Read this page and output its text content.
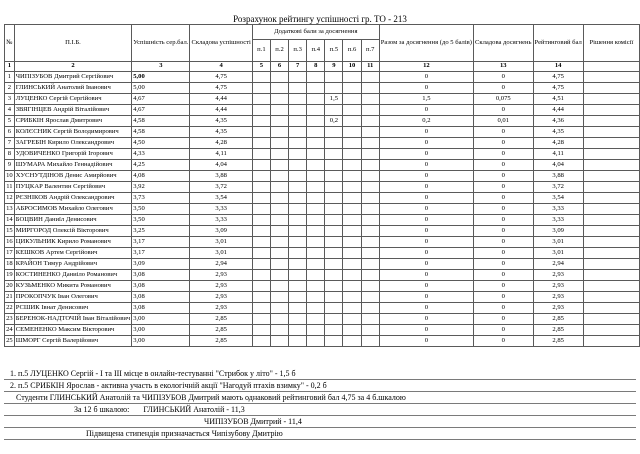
Розрахунок рейтингу успішності гр. ТО - 213
№	П.І.Б.	Успішність сер.бал.	Складова успішності	Додаткові бали за досягнення							Разом за досягнення (до 5 балів)	Складова досягнень	Рейтинговий бал	Рішення комісії
				п.1	п.2	п.3	п.4	п.5	п.6	п.7				
1	2	3	4	5	6	7	8	9	10	11	12	13	14	
1	ЧИПІЗУБОВ Дмитрий Сергійович	5,00	4,75								0	0	4,75	
2	ГЛИНСЬКИЙ Анатолий Іванович	5,00	4,75								0	0	4,75	
3	ЛУЦЕНКО Сергій Сергійович	4,67	4,44					1,5			1,5	0,075	4,51	
4	ЗВЯГІНЦЕВ Андрій Віталійович	4,67	4,44								0	0	4,44	
5	СРИБКІН Ярослав Дмитрович	4,58	4,35					0,2			0,2	0,01	4,36	
6	КОЛЄСНИК Сергій Володимирович	4,58	4,35								0	0	4,35	
7	ЗАГРЕБІН Кирило Олександрович	4,50	4,28								0	0	4,28	
8	УДОВИЧЕНКО Григорій Ігорович	4,33	4,11								0	0	4,11	
9	ШУМАРА Михайло Геннадійович	4,25	4,04								0	0	4,04	
10	ХУСНУТДІНОВ Денис Амирйович	4,08	3,88								0	0	3,88	
11	ПУЦКАР Валентин Сергійович	3,92	3,72								0	0	3,72	
12	РЄЗНІКОВ Андрій Олександрович	3,73	3,54								0	0	3,54	
13	АБРОСИМОВ Михайло Олегович	3,50	3,33								0	0	3,33	
14	БОЦВИН Даниїл Денисович	3,50	3,33								0	0	3,33	
15	МИРГОРОД Олексій Вікторович	3,25	3,09								0	0	3,09	
16	ЦИКУЛЬНИК Кирило Романович	3,17	3,01								0	0	3,01	
17	КЕШКОВ Артем Сергійович	3,17	3,01								0	0	3,01	
18	КРАЙОН Тимур Андрійович	3,09	2,94								0	0	2,94	
19	КОСТИНЕНКО Даниіло Романович	3,08	2,93								0	0	2,93	
20	КУЗЬМЕНКО Микита Романович	3,08	2,93								0	0	2,93	
21	ПРОКОПЧУК Іван Олегович	3,08	2,93								0	0	2,93	
22	РСШИК Івнат Денисович	3,08	2,93								0	0	2,93	
23	БЕРЕНОК-НАДТОЧІЙ Іван Віталійович	3,00	2,85								0	0	2,85	
24	СЕМЕНЕНКО Максим Вікторович	3,00	2,85								0	0	2,85	
25	ШМОРГ Сергій Валерійович	3,00	2,85								0	0	2,85	
1. п.5 ЛУЦЕНКО Сергій - І та ІІІ місце в онлайн-тестуванні "Стрибок у літо" - 1,5 б
2. п.5 СРИБКІН Ярослав - активна участь в екологічній акції "Нагодуй птахів взимку" - 0,2 б
Студенти ГЛИНСЬКИЙ Анатолій та ЧИПІЗУБОВ Дмитрий мають однаковий рейтинговий бал 4,75 за 4 б.шкалою
За 12 б шкалою: ГЛИНСЬКИЙ Анатолій - 11,3
ЧИПІЗУБОВ Дмитрий - 11,4
Підвищена стипендія призначається Чипізубову Дмитрію
